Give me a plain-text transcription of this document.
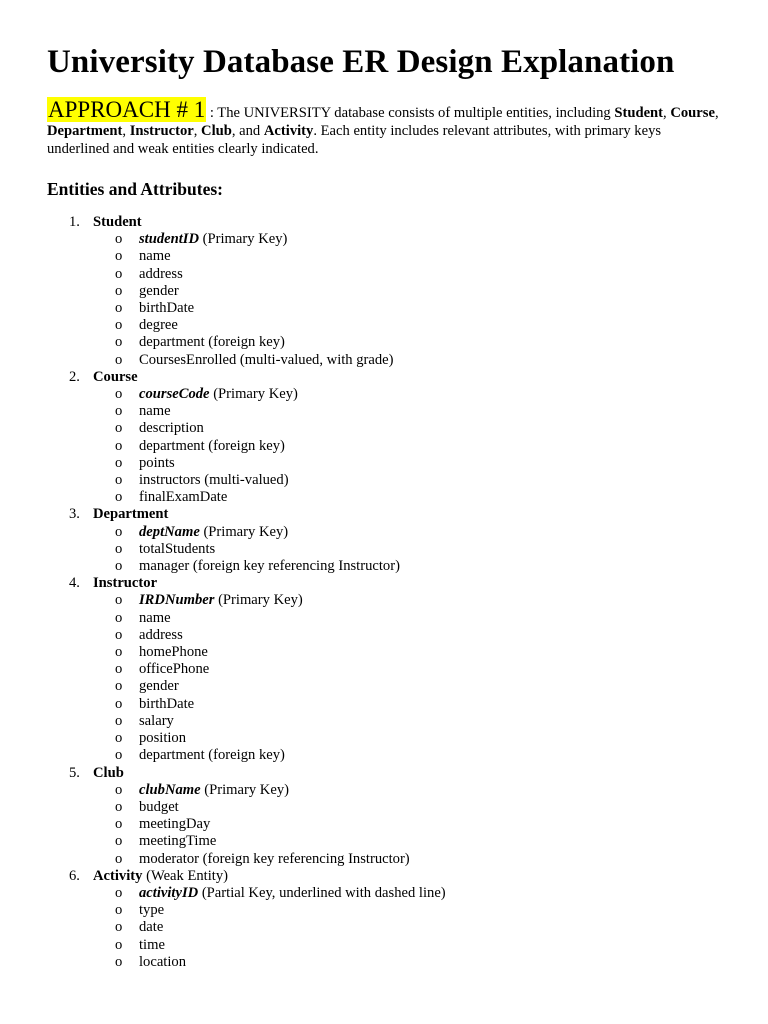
University Database ER Design Explanation

APPROACH # 1 : The UNIVERSITY database consists of multiple entities, including Student, Course, Department, Instructor, Club, and Activity. Each entity includes relevant attributes, with primary keys underlined and weak entities clearly indicated.

Entities and Attributes:
1. Student
o studentID (Primary Key)
o name
o address
o gender
o birthDate
o degree
o department (foreign key)
o CoursesEnrolled (multi-valued, with grade)
2. Course
o courseCode (Primary Key)
o name
o description
o department (foreign key)
o points
o instructors (multi-valued)
o finalExamDate
3. Department
o deptName (Primary Key)
o totalStudents
o manager (foreign key referencing Instructor)
4. Instructor
o IRDNumber (Primary Key)
o name
o address
o homePhone
o officePhone
o gender
o birthDate
o salary
o position
o department (foreign key)
5. Club
o clubName (Primary Key)
o budget
o meetingDay
o meetingTime
o moderator (foreign key referencing Instructor)
6. Activity (Weak Entity)
o activityID (Partial Key, underlined with dashed line)
o type
o date
o time
o location
